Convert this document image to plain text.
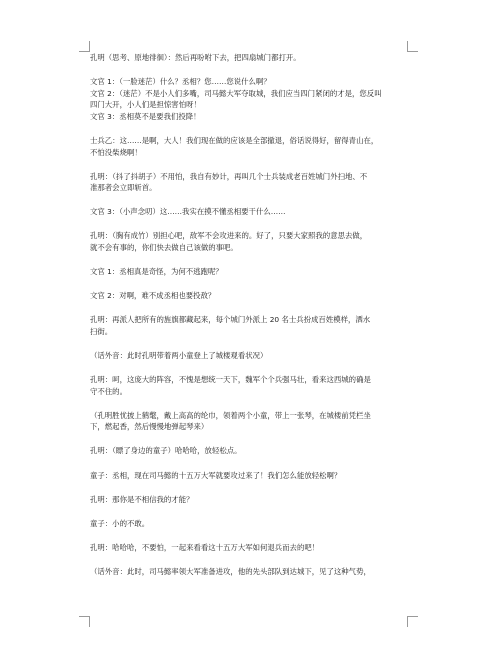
孔明（思考、原地徘徊）：然后再吩咐下去，把四扇城门都打开。
文官 1：（一脸迷茫）什么？丞相？您……您说什么啊？
文官 2：（迷茫）不是小人们多嘴，司马懿大军夺取城，我们应当四门紧闭的才是，您反叫
四门大开，小人们是担惊害怕呀！
文官 3：丞相莫不是要我们投降！
士兵乙：这……是啊，大人！我们现在做的应该是全部撤退，俗话说得好，留得青山在，
不怕没柴烧啊！
孔明：（抖了抖胡子）不用怕，我自有妙计，再叫几个士兵装成老百姓城门外扫地、不
准那者会立即斩首。
文官 3：（小声念叨）这……我实在摸不懂丞相要干什么……
孔明：（胸有成竹）别担心吧，敌军不会攻进来的。好了，只要大家照我的意思去做，
就不会有事的，你们快去做自己该做的事吧。
文官 1：丞相真是奇怪，为何不逃跑呢？
文官 2：对啊，难不成丞相也要投敌？
孔明：再派人把所有的旌旗都藏起来，每个城门外派上 20 名士兵扮成百姓模样，洒水
扫街。
（话外音：此时孔明带着两小童登上了城楼观看状况）
孔明：呵，这庞大的阵容，不愧是想统一天下，魏军个个兵强马壮，看来这西城的确是
守不住的。
（孔明胜忧披上鹤氅，戴上高高的纶巾，领着两个小童，带上一张琴，在城楼前凭栏坐
下，燃起香，然后慢慢地弹起琴来）
孔明：（瞟了身边的童子）哈哈哈，放轻松点。
童子：丞相，现在司马懿的十五万大军就要攻过来了！我们怎么能放轻松啊？
孔明：那你是不相信我的才能？
童子：小的不敢。
孔明：哈哈哈，不要怕，一起来看看这十五万大军如何退兵而去的吧！
（话外音：此时，司马懿率领大军准备进攻，他的先头部队到达城下，见了这种气势，
